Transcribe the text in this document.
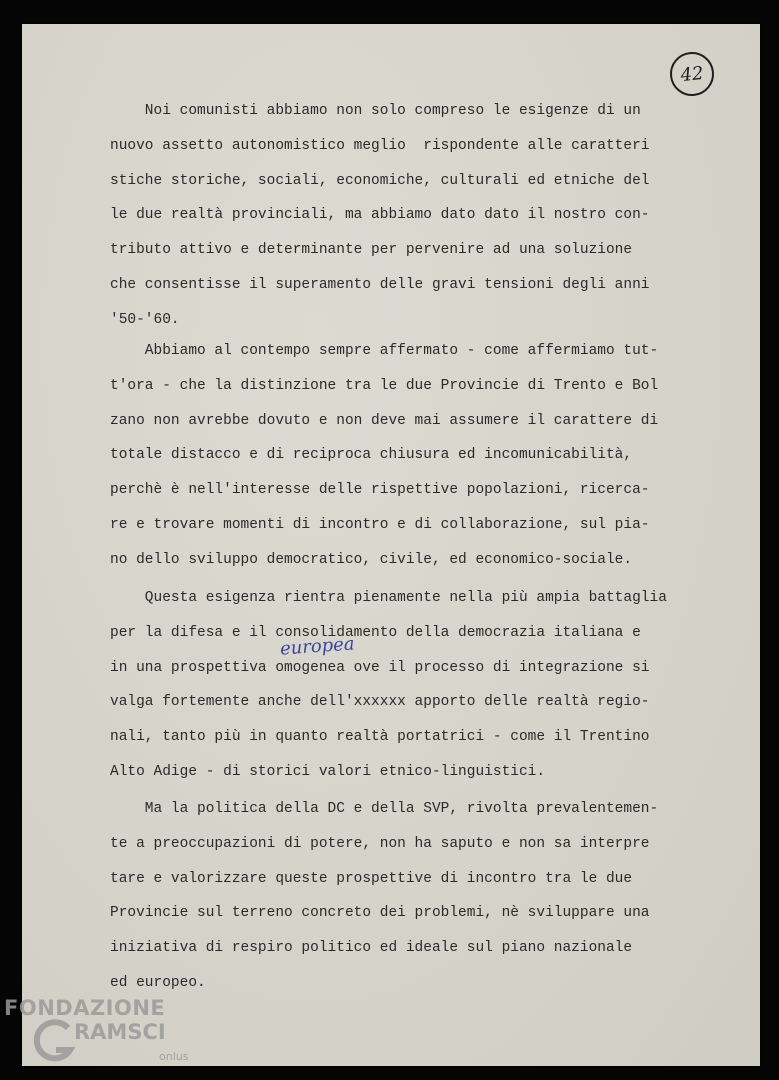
42
Noi comunisti abbiamo non solo compreso le esigenze di un
nuovo assetto autonomistico meglio  rispondente alle caratteri
stiche storiche, sociali, economiche, culturali ed etniche del
le due realtà provinciali, ma abbiamo dato dato il nostro con-
tributo attivo e determinante per pervenire ad una soluzione
che consentisse il superamento delle gravi tensioni degli anni
'50-'60.
Abbiamo al contempo sempre affermato - come affermiamo tut-
t'ora - che la distinzione tra le due Provincie di Trento e Bol
zano non avrebbe dovuto e non deve mai assumere il carattere di
totale distacco e di reciproca chiusura ed incomunicabilità,
perchè è nell'interesse delle rispettive popolazioni, ricerca-
re e trovare momenti di incontro e di collaborazione, sul pia-
no dello sviluppo democratico, civile, ed economico-sociale.
europea
Questa esigenza rientra pienamente nella più ampia battaglia
per la difesa e il consolidamento della democrazia italiana e
in una prospettiva omogenea ove il processo di integrazione si
valga fortemente anche dell'xxxxxx apporto delle realtà regio-
nali, tanto più in quanto realtà portatrici - come il Trentino
Alto Adige - di storici valori etnico-linguistici.
Ma la politica della DC e della SVP, rivolta prevalentemen-
te a preoccupazioni di potere, non ha saputo e non sa interpre
tare e valorizzare queste prospettive di incontro tra le due
Provincie sul terreno concreto dei problemi, nè sviluppare una
iniziativa di respiro politico ed ideale sul piano nazionale
ed europeo.
FONDAZIONE
RAMSCI
onlus
